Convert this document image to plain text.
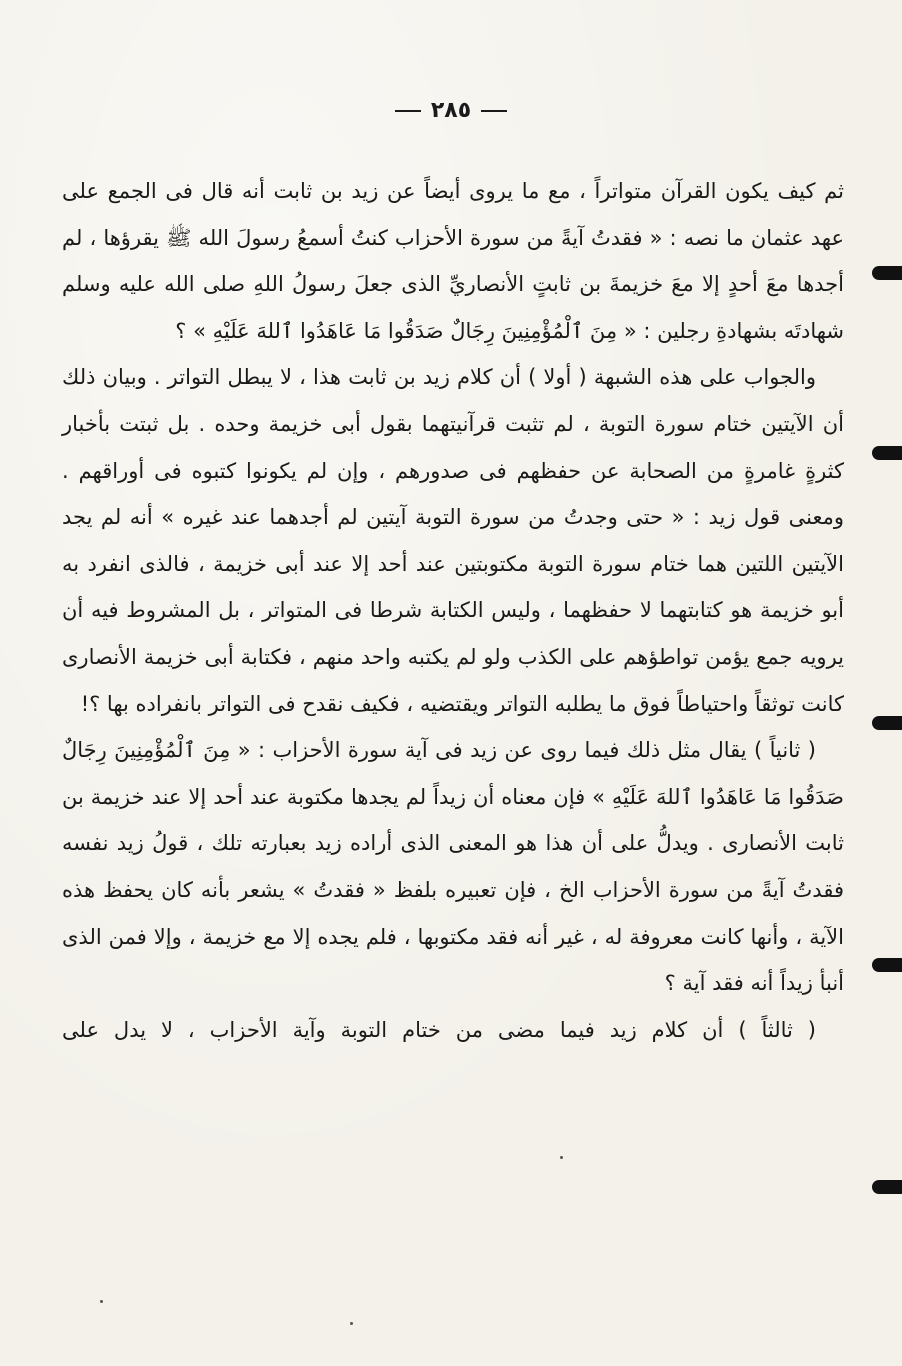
٢٨٥

ثم كيف يكون القرآن متواتراً ، مع ما يروى أيضاً عن زيد بن ثابت أنه قال فى الجمع على عهد عثمان ما نصه : « فقدتُ آيةً من سورة الأحزاب كنتُ أسمعُ رسولَ الله ﷺ يقرؤها ، لم أجدها معَ أحدٍ إلا معَ خزيمةَ بن ثابتٍ الأنصاريِّ الذى جعلَ رسولُ اللهِ صلى الله عليه وسلم شهادتَه بشهادةِ رجلين : « مِنَ ٱلْمُؤْمِنِينَ رِجَالٌ صَدَقُوا مَا عَاهَدُوا ٱللهَ عَلَيْهِ » ؟

والجواب على هذه الشبهة ( أولا ) أن كلام زيد بن ثابت هذا ، لا يبطل التواتر . وبيان ذلك أن الآيتين ختام سورة التوبة ، لم تثبت قرآنيتهما بقول أبى خزيمة وحده . بل ثبتت بأخبار كثرةٍ غامرةٍ من الصحابة عن حفظهم فى صدورهم ، وإن لم يكونوا كتبوه فى أوراقهم . ومعنى قول زيد : « حتى وجدتُ من سورة التوبة آيتين لم أجدهما عند غيره » أنه لم يجد الآيتين اللتين هما ختام سورة التوبة مكتوبتين عند أحد إلا عند أبى خزيمة ، فالذى انفرد به أبو خزيمة هو كتابتهما لا حفظهما ، وليس الكتابة شرطا فى المتواتر ، بل المشروط فيه أن يرويه جمع يؤمن تواطؤهم على الكذب ولو لم يكتبه واحد منهم ، فكتابة أبى خزيمة الأنصارى كانت توثقاً واحتياطاً فوق ما يطلبه التواتر ويقتضيه ، فكيف نقدح فى التواتر بانفراده بها ؟!

( ثانياً ) يقال مثل ذلك فيما روى عن زيد فى آية سورة الأحزاب : « مِنَ ٱلْمُؤْمِنِينَ رِجَالٌ صَدَقُوا مَا عَاهَدُوا ٱللهَ عَلَيْهِ » فإن معناه أن زيداً لم يجدها مكتوبة عند أحد إلا عند خزيمة بن ثابت الأنصارى . ويدلُّ على أن هذا هو المعنى الذى أراده زيد بعبارته تلك ، قولُ زيد نفسه فقدتُ آيةً من سورة الأحزاب الخ ، فإن تعبيره بلفظ « فقدتُ » يشعر بأنه كان يحفظ هذه الآية ، وأنها كانت معروفة له ، غير أنه فقد مكتوبها ، فلم يجده إلا مع خزيمة ، وإلا فمن الذى أنبأ زيداً أنه فقد آية ؟

( ثالثاً ) أن كلام زيد فيما مضى من ختام التوبة وآية الأحزاب ، لا يدل على
